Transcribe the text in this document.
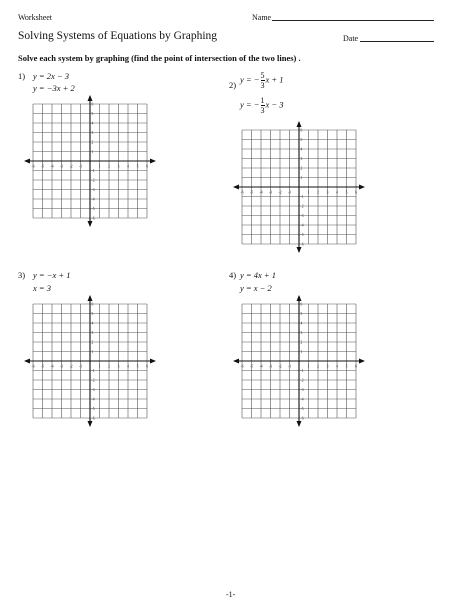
Worksheet	Name
Solving Systems of Equations by Graphing	Date
Solve each system by graphing (find the point of intersection of the two lines) .
1) y = 2x − 3
y = −3x + 2	2)
y = − $\frac{5}{3}$ x + 1
y = − $\frac{1}{3}$ x − 3
3) y = −x + 1
x = 3
4) y = 4x + 1
y = x − 2
-6 -5 -4 -3 -2 -1	1 2 3 4 5 6
6
5
4
3
2
1
-1
-2
-3
-4
-5
-6
-6 -5 -4 -3 -2 -1	1 2 3 4 5 6
6
5
4
3
2
1
-1
-2
-3
-4
-5
-6
-6 -5 -4 -3 -2 -1	1 2 3 4 5 6
6
5
4
3
2
1
-1
-2
-3
-4
-5
-6
-6 -5 -4 -3 -2 -1	1 2 3 4 5 6
6
5
4
3
2
1
-1
-2
-3
-4
-5
-6
-1-
